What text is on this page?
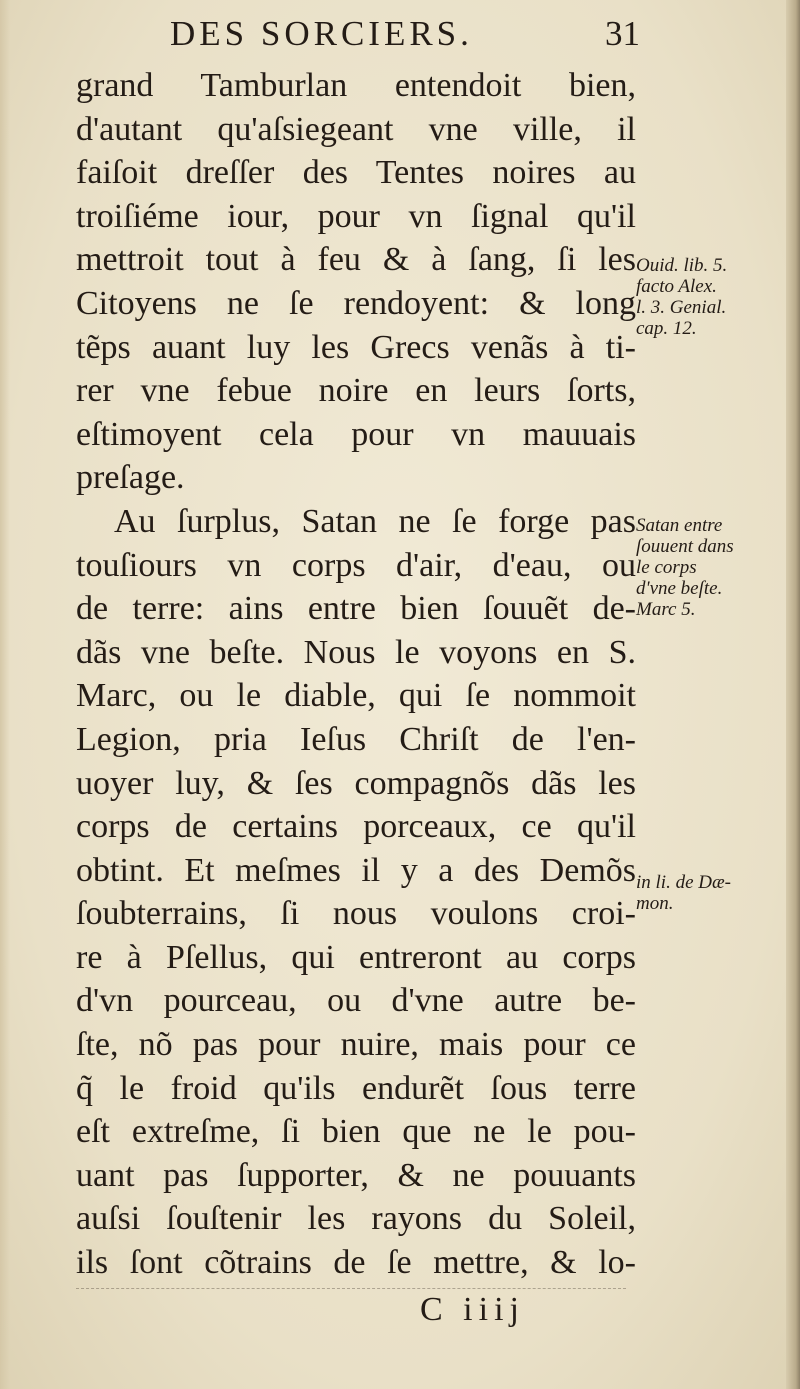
DES SORCIERS.	31
grand Tamburlan entendoit bien,
d'autant qu'aſsiegeant vne ville, il
faiſoit dreſſer des Tentes noires au
troiſiéme iour, pour vn ſignal qu'il
mettroit tout à feu & à ſang, ſi les
Citoyens ne ſe rendoyent: & long
tẽps auant luy les Grecs venãs à ti-
rer vne febue noire en leurs ſorts,
eſtimoyent cela pour vn mauuais
preſage.
Au ſurplus, Satan ne ſe forge pas
touſiours vn corps d'air, d'eau, ou
de terre: ains entre bien ſouuẽt de-
dãs vne beſte. Nous le voyons en S.
Marc, ou le diable, qui ſe nommoit
Legion, pria Ieſus Chriſt de l'en-
uoyer luy, & ſes compagnõs dãs les
corps de certains porceaux, ce qu'il
obtint. Et meſmes il y a des Demõs
ſoubterrains, ſi nous voulons croi-
re à Pſellus, qui entreront au corps
d'vn pourceau, ou d'vne autre be-
ſte, nõ pas pour nuire, mais pour ce
q̃ le froid qu'ils endurẽt ſous terre
eſt extreſme, ſi bien que ne le pou-
uant pas ſupporter, & ne pouuants
auſsi ſouſtenir les rayons du Soleil,
ils ſont cõtrains de ſe mettre, & lo-
Ouid. lib. 5.
facto Alex.
l. 3. Genial.
cap. 12.
Satan entre
ſouuent dans
le corps
d'vne beſte.
Marc 5.
in li. de Dæ-
mon.
C iiij
